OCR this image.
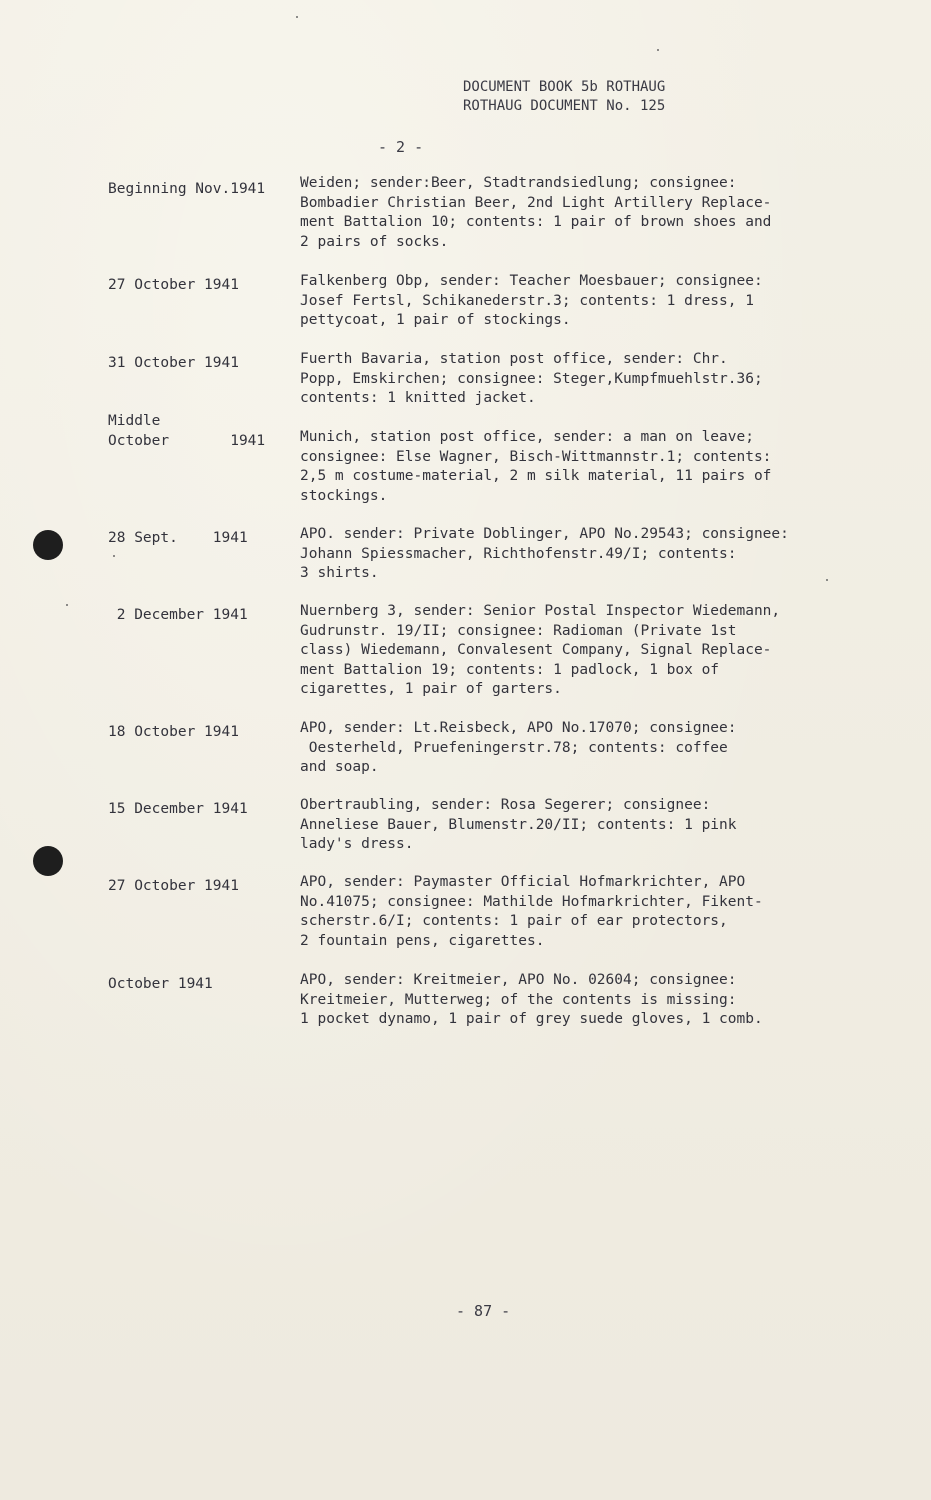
DOCUMENT BOOK 5b ROTHAUG
ROTHAUG DOCUMENT No. 125
- 2 -
Beginning Nov.1941	Weiden; sender:Beer, Stadtrandsiedlung; consignee:
Bombadier Christian Beer, 2nd Light Artillery Replace-
ment Battalion 10; contents: 1 pair of brown shoes and
2 pairs of socks.
27 October 1941	Falkenberg Obp, sender: Teacher Moesbauer; consignee:
Josef Fertsl, Schikanederstr.3; contents: 1 dress, 1
pettycoat, 1 pair of stockings.
31 October 1941	Fuerth Bavaria, station post office, sender: Chr.
Popp, Emskirchen; consignee: Steger,Kumpfmuehlstr.36;
contents: 1 knitted jacket.
Middle
October       1941	Munich, station post office, sender: a man on leave;
consignee: Else Wagner, Bisch-Wittmannstr.1; contents:
2,5 m costume-material, 2 m silk material, 11 pairs of
stockings.
28 Sept.    1941	APO. sender: Private Doblinger, APO No.29543; consignee:
Johann Spiessmacher, Richthofenstr.49/I; contents:
3 shirts.
2 December 1941	Nuernberg 3, sender: Senior Postal Inspector Wiedemann,
Gudrunstr. 19/II; consignee: Radioman (Private 1st
class) Wiedemann, Convalesent Company, Signal Replace-
ment Battalion 19; contents: 1 padlock, 1 box of
cigarettes, 1 pair of garters.
18 October 1941	APO, sender: Lt.Reisbeck, APO No.17070; consignee:
Oesterheld, Pruefeningerstr.78; contents: coffee
and soap.
15 December 1941	Obertraubling, sender: Rosa Segerer; consignee:
Anneliese Bauer, Blumenstr.20/II; contents: 1 pink
lady's dress.
27 October 1941	APO, sender: Paymaster Official Hofmarkrichter, APO
No.41075; consignee: Mathilde Hofmarkrichter, Fikent-
scherstr.6/I; contents: 1 pair of ear protectors,
2 fountain pens, cigarettes.
October 1941	APO, sender: Kreitmeier, APO No. 02604; consignee:
Kreitmeier, Mutterweg; of the contents is missing:
1 pocket dynamo, 1 pair of grey suede gloves, 1 comb.
- 87 -
